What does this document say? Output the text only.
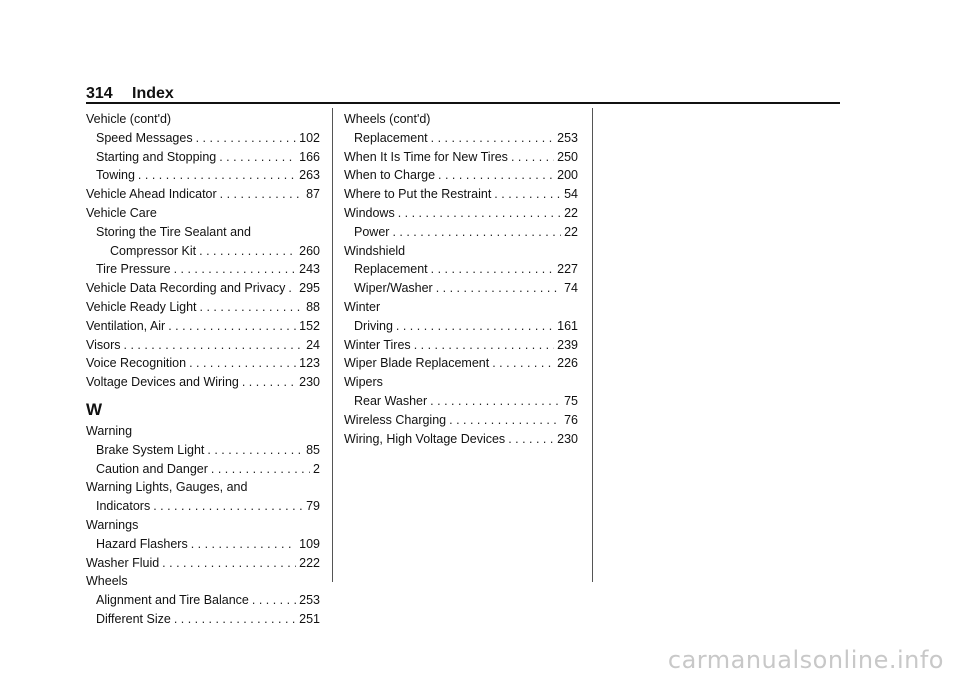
314 Index
Vehicle (cont'd)
Speed Messages . . .	102
Starting and Stopping . . .	166
Towing . . .	263
Vehicle Ahead Indicator . . .	87
Vehicle Care
Storing the Tire Sealant and
Compressor Kit . . .	260
Tire Pressure . . .	243
Vehicle Data Recording and Privacy . . . 295
Vehicle Ready Light . . .	88
Ventilation, Air . . .	152
Visors . . .	24
Voice Recognition . . .	123
Voltage Devices and Wiring . . .	230
W
Warning
Brake System Light . . .	85
Caution and Danger . . .	2
Warning Lights, Gauges, and
Indicators . . .	79
Warnings
Hazard Flashers . . .	109
Washer Fluid . . .	222
Wheels
Alignment and Tire Balance . . .	253
Different Size . . .	251
Wheels (cont'd)
Replacement . . .	253
When It Is Time for New Tires . . .	250
When to Charge . . .	200
Where to Put the Restraint . . .	54
Windows . . .	22
Power . . .	22
Windshield
Replacement . . .	227
Wiper/Washer . . .	74
Winter
Driving . . .	161
Winter Tires . . .	239
Wiper Blade Replacement . . .	226
Wipers
Rear Washer . . .	75
Wireless Charging . . .	76
Wiring, High Voltage Devices . . .	230
carmanualsonline.info
